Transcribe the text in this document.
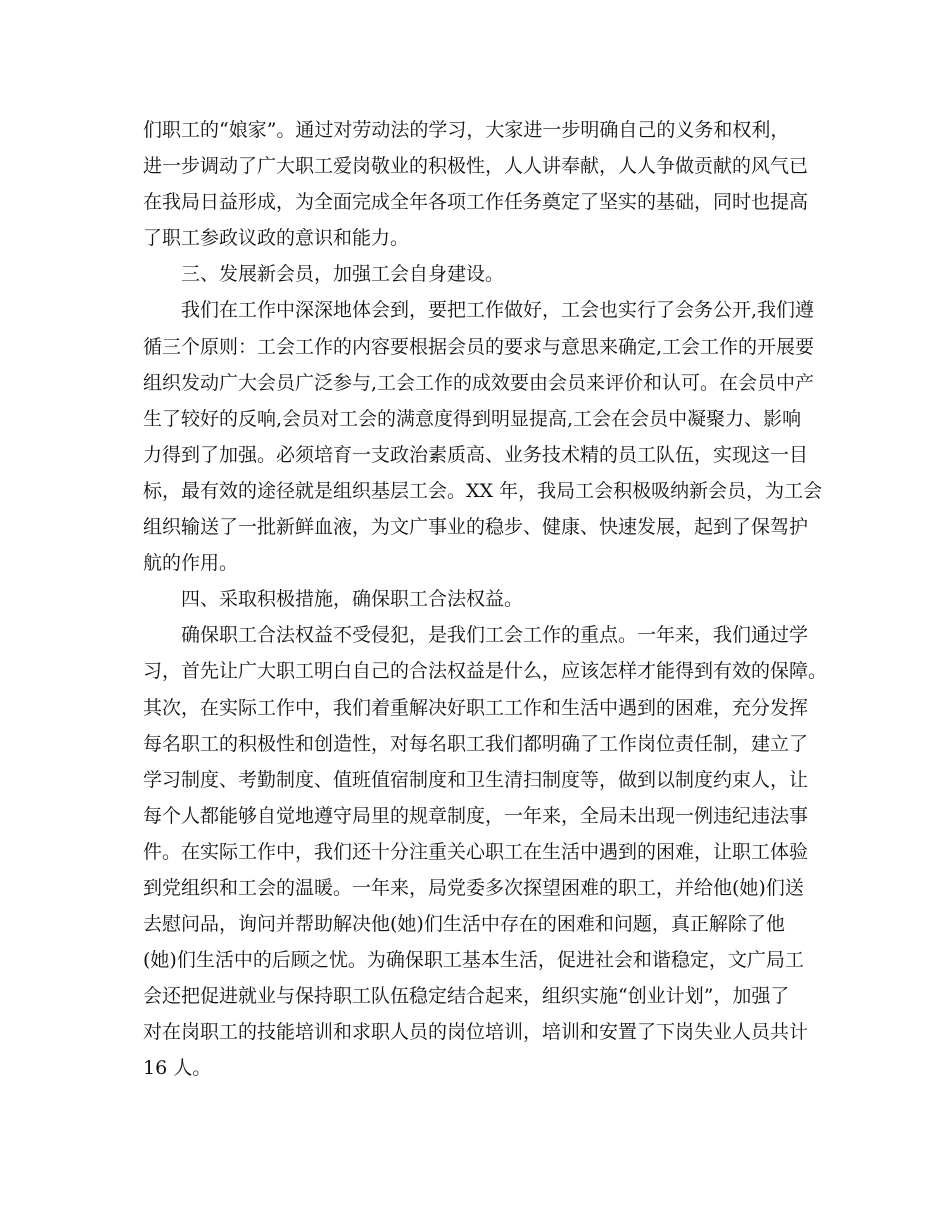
们职工的“娘家”。通过对劳动法的学习，大家进一步明确自己的义务和权利，
进一步调动了广大职工爱岗敬业的积极性，人人讲奉献，人人争做贡献的风气已
在我局日益形成，为全面完成全年各项工作任务奠定了坚实的基础，同时也提高
了职工参政议政的意识和能力。
三、发展新会员，加强工会自身建设。
我们在工作中深深地体会到，要把工作做好，工会也实行了会务公开,我们遵
循三个原则：工会工作的内容要根据会员的要求与意思来确定,工会工作的开展要
组织发动广大会员广泛参与,工会工作的成效要由会员来评价和认可。在会员中产
生了较好的反响,会员对工会的满意度得到明显提高,工会在会员中凝聚力、影响
力得到了加强。必须培育一支政治素质高、业务技术精的员工队伍，实现这一目
标，最有效的途径就是组织基层工会。XX 年，我局工会积极吸纳新会员，为工会
组织输送了一批新鲜血液，为文广事业的稳步、健康、快速发展，起到了保驾护
航的作用。
四、采取积极措施，确保职工合法权益。
确保职工合法权益不受侵犯，是我们工会工作的重点。一年来，我们通过学
习，首先让广大职工明白自己的合法权益是什么，应该怎样才能得到有效的保障。
其次，在实际工作中，我们着重解决好职工工作和生活中遇到的困难，充分发挥
每名职工的积极性和创造性，对每名职工我们都明确了工作岗位责任制，建立了
学习制度、考勤制度、值班值宿制度和卫生清扫制度等，做到以制度约束人，让
每个人都能够自觉地遵守局里的规章制度，一年来，全局未出现一例违纪违法事
件。在实际工作中，我们还十分注重关心职工在生活中遇到的困难，让职工体验
到党组织和工会的温暖。一年来，局党委多次探望困难的职工，并给他(她)们送
去慰问品，询问并帮助解决他(她)们生活中存在的困难和问题，真正解除了他
(她)们生活中的后顾之忧。为确保职工基本生活，促进社会和谐稳定，文广局工
会还把促进就业与保持职工队伍稳定结合起来，组织实施“创业计划”，加强了
对在岗职工的技能培训和求职人员的岗位培训，培训和安置了下岗失业人员共计
16 人。
